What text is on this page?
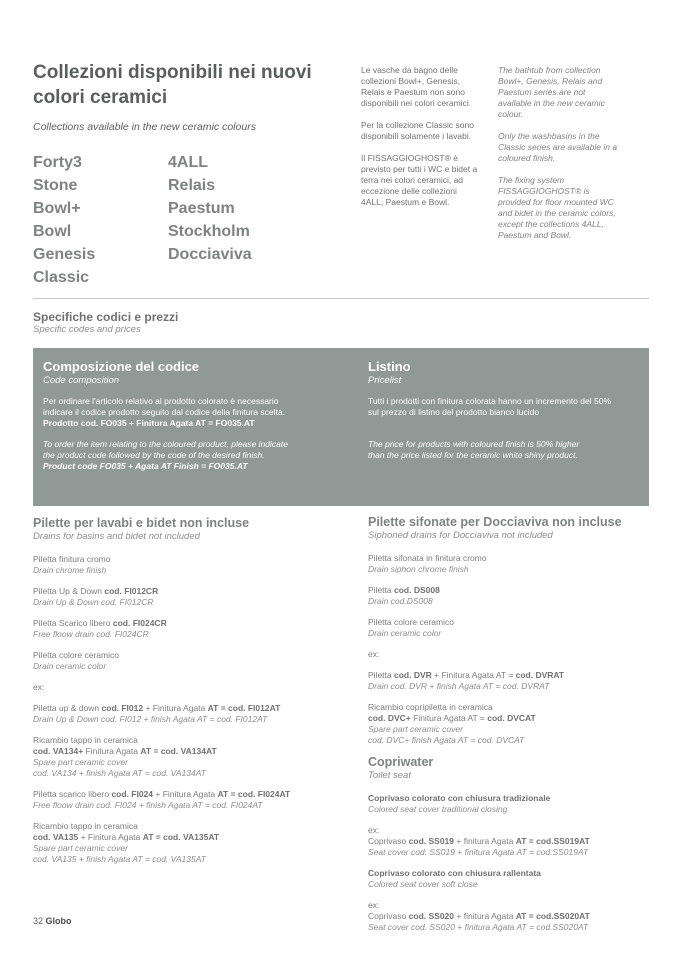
Collezioni disponibili nei nuovi colori ceramici
Collections available in the new ceramic colours
Forty3
Stone
Bowl+
Bowl
Genesis
Classic
4ALL
Relais
Paestum
Stockholm
Docciaviva

Le vasche da bagno delle collezioni Bowl+, Genesis, Relais e Paestum non sono disponibili nei colori ceramici.

Per la collezione Classic sono disponibili solamente i lavabi.

Il FISSAGGIOGHOST® è previsto per tutti i WC e bidet a terra nei colori ceramici, ad eccezione delle collezioni 4ALL, Paestum e Bowl.

The bathtub from collection Bowl+, Genesis, Relais and Paestum series are not available in the new ceramic colour.

Only the washbasins in the Classic series are available in a coloured finish.

The fixing system FISSAGGIOGHOST® is provided for floor mounted WC and bidet in the ceramic colors, except the collections 4ALL, Paestum and Bowl.

Specifiche codici e prezzi
Specific codes and prices
Composizione del codice
Code composition
Per ordinare l'articolo relativo al prodotto colorato è necessario indicare il codice prodotto seguito dal codice della finitura scelta.
Prodotto cod. FO035 + Finitura Agata AT = FO035.AT
To order the item relating to the coloured product, please indicate the product code followed by the code of the desired finish.
Product code FO035 + Agata AT Finish = FO035.AT
Listino
Pricelist
Tutti i prodotti con finitura colorata hanno un incremento del 50% sul prezzo di listino del prodotto bianco lucido
The price for products with coloured finish is 50% higher than the price listed for the ceramic white shiny product.
Pilette per lavabi e bidet non incluse
Drains for basins and bidet not included
Piletta finitura cromo
Drain chrome finish
Piletta Up & Down cod. FI012CR
Drain Up & Down cod. FI012CR
Piletta Scarico libero cod. FI024CR
Free floow drain cod. FI024CR
Piletta colore ceramico
Drain ceramic color
ex:
Piletta up & down cod. FI012 + Finitura Agata AT = cod. FI012AT
Drain Up & Down cod. FI012 + finish Agata AT = cod. FI012AT
Ricambio tappo in ceramica
cod. VA134+ Finitura Agata AT = cod. VA134AT
Spare part ceramic cover
cod. VA134 + finish Agata AT = cod. VA134AT
Piletta scarico libero cod. FI024 + Finitura Agata AT = cod. FI024AT
Free floow drain cod. FI024 + finish Agata AT = cod. FI024AT
Ricambio tappo in ceramica
cod. VA135 + Finitura Agata AT = cod. VA135AT
Spare part ceramic cover
cod. VA135 + finish Agata AT = cod. VA135AT
Pilette sifonate per Docciaviva non incluse
Siphoned drains for Docciaviva not included
Piletta sifonata in finitura cromo
Drain siphon chrome finish
Piletta cod. DS008
Drain cod.DS008
Piletta colore ceramico
Drain ceramic color
ex:
Piletta cod. DVR + Finitura Agata AT = cod. DVRAT
Drain cod. DVR + finish Agata AT = cod. DVRAT
Ricambio copripiletta in ceramica
cod. DVC+ Finitura Agata AT = cod. DVCAT
Spare part ceramic cover
cod. DVC+ finish Agata AT = cod. DVCAT
Copriwater
Toilet seat
Coprivaso colorato con chiusura tradizionale
Colored seat cover traditional closing
ex:
Coprivaso cod. SS019 + finitura Agata AT = cod.SS019AT
Seat cover cod. SS019 + finitura Agata AT = cod.SS019AT
Coprivaso colorato con chiusura rallentata
Colored seat cover soft close
ex:
Coprivaso cod. SS020 + finitura Agata AT = cod.SS020AT
Seat cover cod. SS020 + finitura Agata AT = cod.SS020AT
32 Globo
